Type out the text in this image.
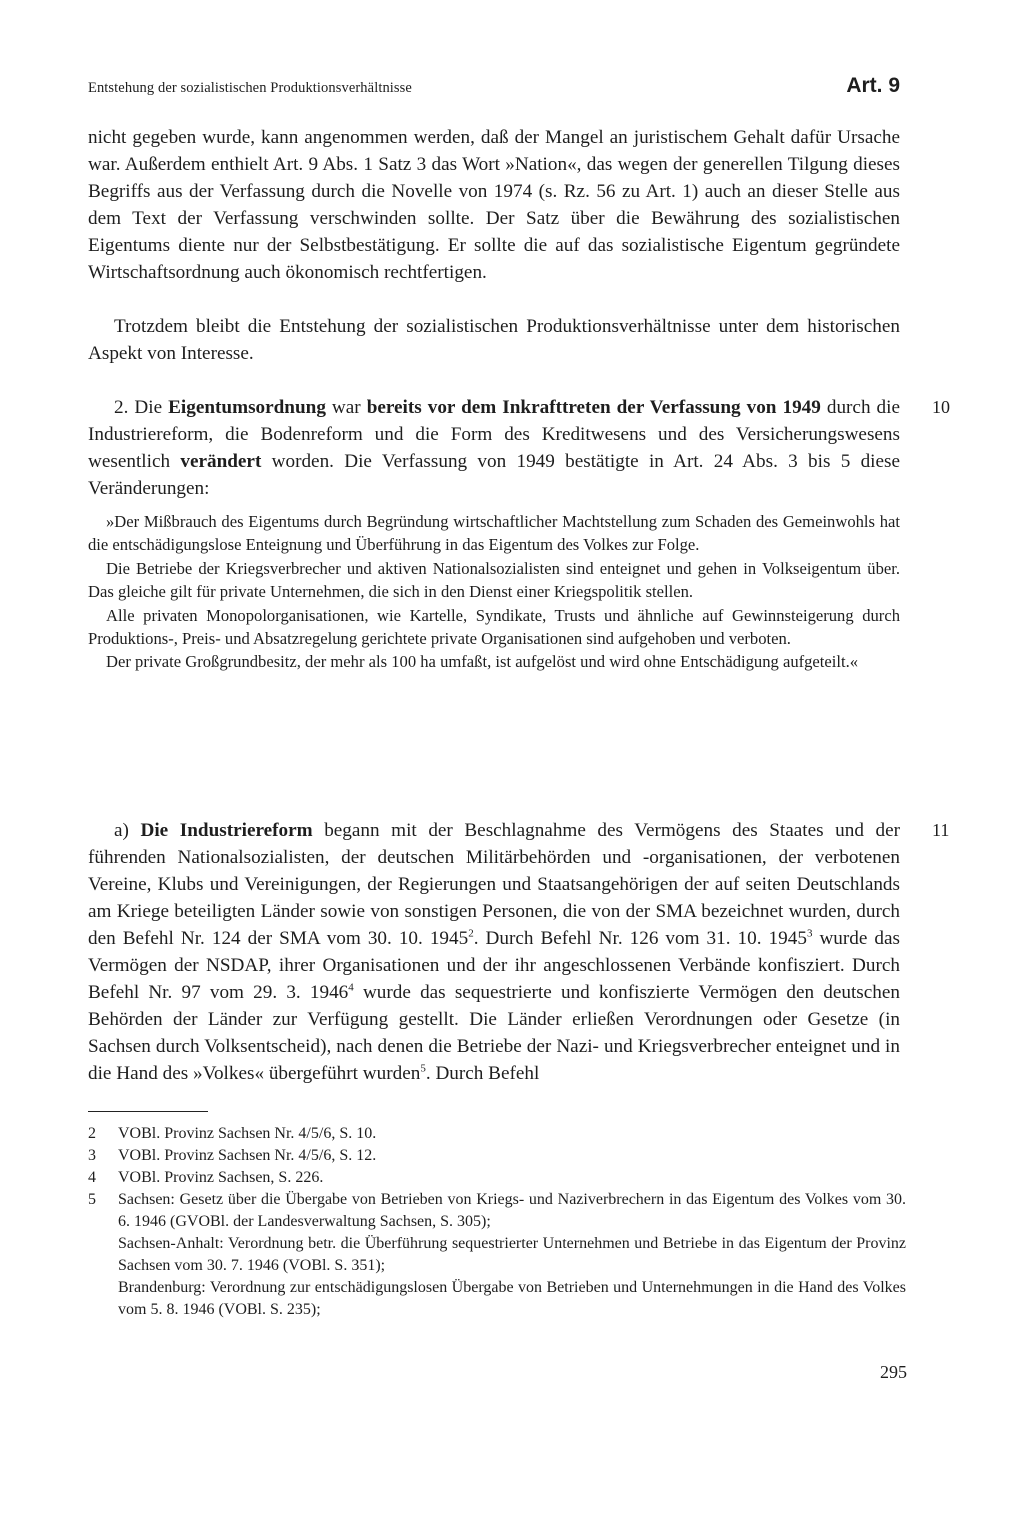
Entstehung der sozialistischen Produktionsverhältnisse	Art. 9

nicht gegeben wurde, kann angenommen werden, daß der Mangel an juristischem Gehalt dafür Ursache war. Außerdem enthielt Art. 9 Abs. 1 Satz 3 das Wort »Nation«, das wegen der generellen Tilgung dieses Begriffs aus der Verfassung durch die Novelle von 1974 (s. Rz. 56 zu Art. 1) auch an dieser Stelle aus dem Text der Verfassung verschwinden sollte. Der Satz über die Bewährung des sozialistischen Eigentums diente nur der Selbstbestätigung. Er sollte die auf das sozialistische Eigentum gegründete Wirtschaftsordnung auch ökonomisch rechtfertigen.

Trotzdem bleibt die Entstehung der sozialistischen Produktionsverhältnisse unter dem historischen Aspekt von Interesse.

10

2. Die Eigentumsordnung war bereits vor dem Inkrafttreten der Verfassung von 1949 durch die Industriereform, die Bodenreform und die Form des Kreditwesens und des Versicherungswesens wesentlich verändert worden. Die Verfassung von 1949 bestätigte in Art. 24 Abs. 3 bis 5 diese Veränderungen:

»Der Mißbrauch des Eigentums durch Begründung wirtschaftlicher Machtstellung zum Schaden des Gemeinwohls hat die entschädigungslose Enteignung und Überführung in das Eigentum des Volkes zur Folge.

Die Betriebe der Kriegsverbrecher und aktiven Nationalsozialisten sind enteignet und gehen in Volkseigentum über. Das gleiche gilt für private Unternehmen, die sich in den Dienst einer Kriegspolitik stellen.

Alle privaten Monopolorganisationen, wie Kartelle, Syndikate, Trusts und ähnliche auf Gewinnsteigerung durch Produktions-, Preis- und Absatzregelung gerichtete private Organisationen sind aufgehoben und verboten.

Der private Großgrundbesitz, der mehr als 100 ha umfaßt, ist aufgelöst und wird ohne Entschädigung aufgeteilt.«

11

a) Die Industriereform begann mit der Beschlagnahme des Vermögens des Staates und der führenden Nationalsozialisten, der deutschen Militärbehörden und -organisationen, der verbotenen Vereine, Klubs und Vereinigungen, der Regierungen und Staatsangehörigen der auf seiten Deutschlands am Kriege beteiligten Länder sowie von sonstigen Personen, die von der SMA bezeichnet wurden, durch den Befehl Nr. 124 der SMA vom 30. 10. 1945$^2$. Durch Befehl Nr. 126 vom 31. 10. 1945$^3$ wurde das Vermögen der NSDAP, ihrer Organisationen und der ihr angeschlossenen Verbände konfisziert. Durch Befehl Nr. 97 vom 29. 3. 1946$^4$ wurde das sequestrierte und konfiszierte Vermögen den deutschen Behörden der Länder zur Verfügung gestellt. Die Länder erließen Verordnungen oder Gesetze (in Sachsen durch Volksentscheid), nach denen die Betriebe der Nazi- und Kriegsverbrecher enteignet und in die Hand des »Volkes« übergeführt wurden$^5$. Durch Befehl

2	VOBl. Provinz Sachsen Nr. 4/5/6, S. 10.

3	VOBl. Provinz Sachsen Nr. 4/5/6, S. 12.

4	VOBl. Provinz Sachsen, S. 226.

5	Sachsen: Gesetz über die Übergabe von Betrieben von Kriegs- und Naziverbrechern in das Eigentum des Volkes vom 30. 6. 1946 (GVOBl. der Landesverwaltung Sachsen, S. 305);

Sachsen-Anhalt: Verordnung betr. die Überführung sequestrierter Unternehmen und Betriebe in das Eigentum der Provinz Sachsen vom 30. 7. 1946 (VOBl. S. 351);

Brandenburg: Verordnung zur entschädigungslosen Übergabe von Betrieben und Unternehmungen in die Hand des Volkes vom 5. 8. 1946 (VOBl. S. 235);

295
